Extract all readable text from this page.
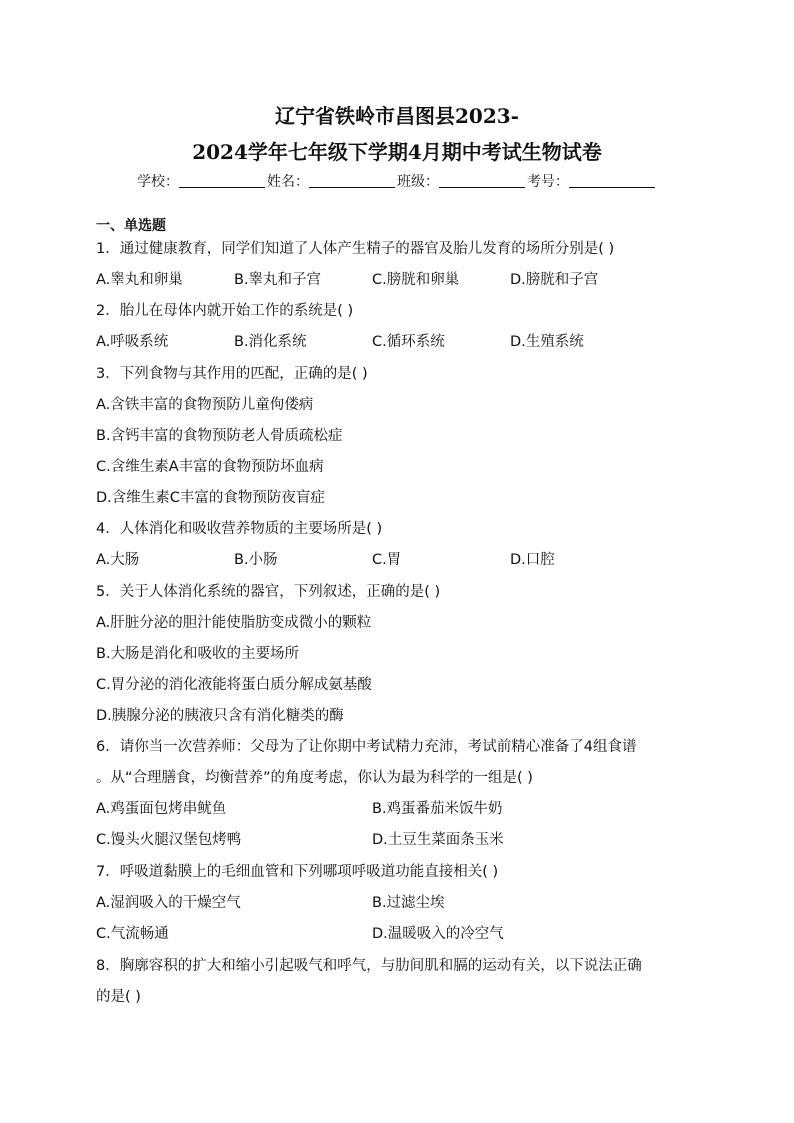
辽宁省铁岭市昌图县2023-
2024学年七年级下学期4月期中考试生物试卷
学校：	姓名：	班级：	考号：
一、单选题
1．通过健康教育，同学们知道了人体产生精子的器官及胎儿发育的场所分别是( )
A.睾丸和卵巢	B.睾丸和子宫	C.膀胱和卵巢	D.膀胱和子宫
2．胎儿在母体内就开始工作的系统是( )
A.呼吸系统	B.消化系统	C.循环系统	D.生殖系统
3．下列食物与其作用的匹配，正确的是( )
A.含铁丰富的食物预防儿童佝偻病
B.含钙丰富的食物预防老人骨质疏松症
C.含维生素A丰富的食物预防坏血病
D.含维生素C丰富的食物预防夜盲症
4．人体消化和吸收营养物质的主要场所是( )
A.大肠	B.小肠	C.胃	D.口腔
5．关于人体消化系统的器官，下列叙述，正确的是( )
A.肝脏分泌的胆汁能使脂肪变成微小的颗粒
B.大肠是消化和吸收的主要场所
C.胃分泌的消化液能将蛋白质分解成氨基酸
D.胰腺分泌的胰液只含有消化糖类的酶
6．请你当一次营养师：父母为了让你期中考试精力充沛，考试前精心准备了4组食谱
。从“合理膳食，均衡营养”的角度考虑，你认为最为科学的一组是( )
A.鸡蛋面包烤串鱿鱼	B.鸡蛋番茄米饭牛奶
C.馒头火腿汉堡包烤鸭	D.土豆生菜面条玉米
7．呼吸道黏膜上的毛细血管和下列哪项呼吸道功能直接相关( )
A.湿润吸入的干燥空气	B.过滤尘埃
C.气流畅通	D.温暖吸入的冷空气
8．胸廓容积的扩大和缩小引起吸气和呼气，与肋间肌和膈的运动有关，以下说法正确
的是( )
